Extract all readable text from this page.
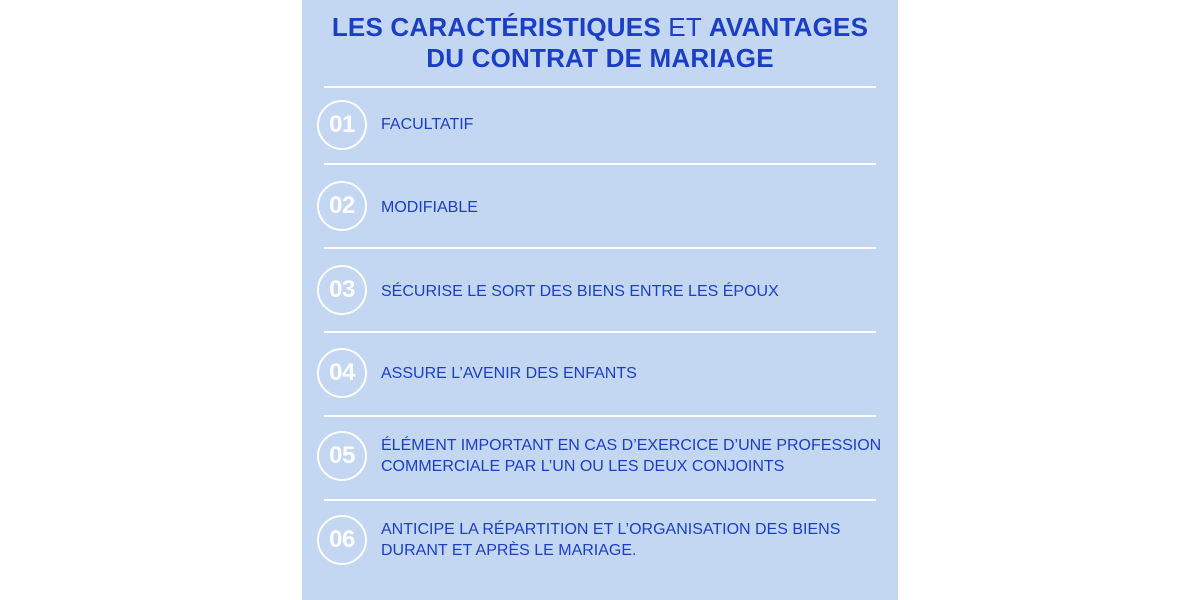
LES CARACTÉRISTIQUES ET AVANTAGES
DU CONTRAT DE MARIAGE
01	FACULTATIF
02	MODIFIABLE
03	SÉCURISE LE SORT DES BIENS ENTRE LES ÉPOUX
04	ASSURE L’AVENIR DES ENFANTS
05	ÉLÉMENT IMPORTANT EN CAS D’EXERCICE D’UNE PROFESSION COMMERCIALE PAR L’UN OU LES DEUX CONJOINTS
06	ANTICIPE LA RÉPARTITION ET L’ORGANISATION DES BIENS DURANT ET APRÈS LE MARIAGE.
